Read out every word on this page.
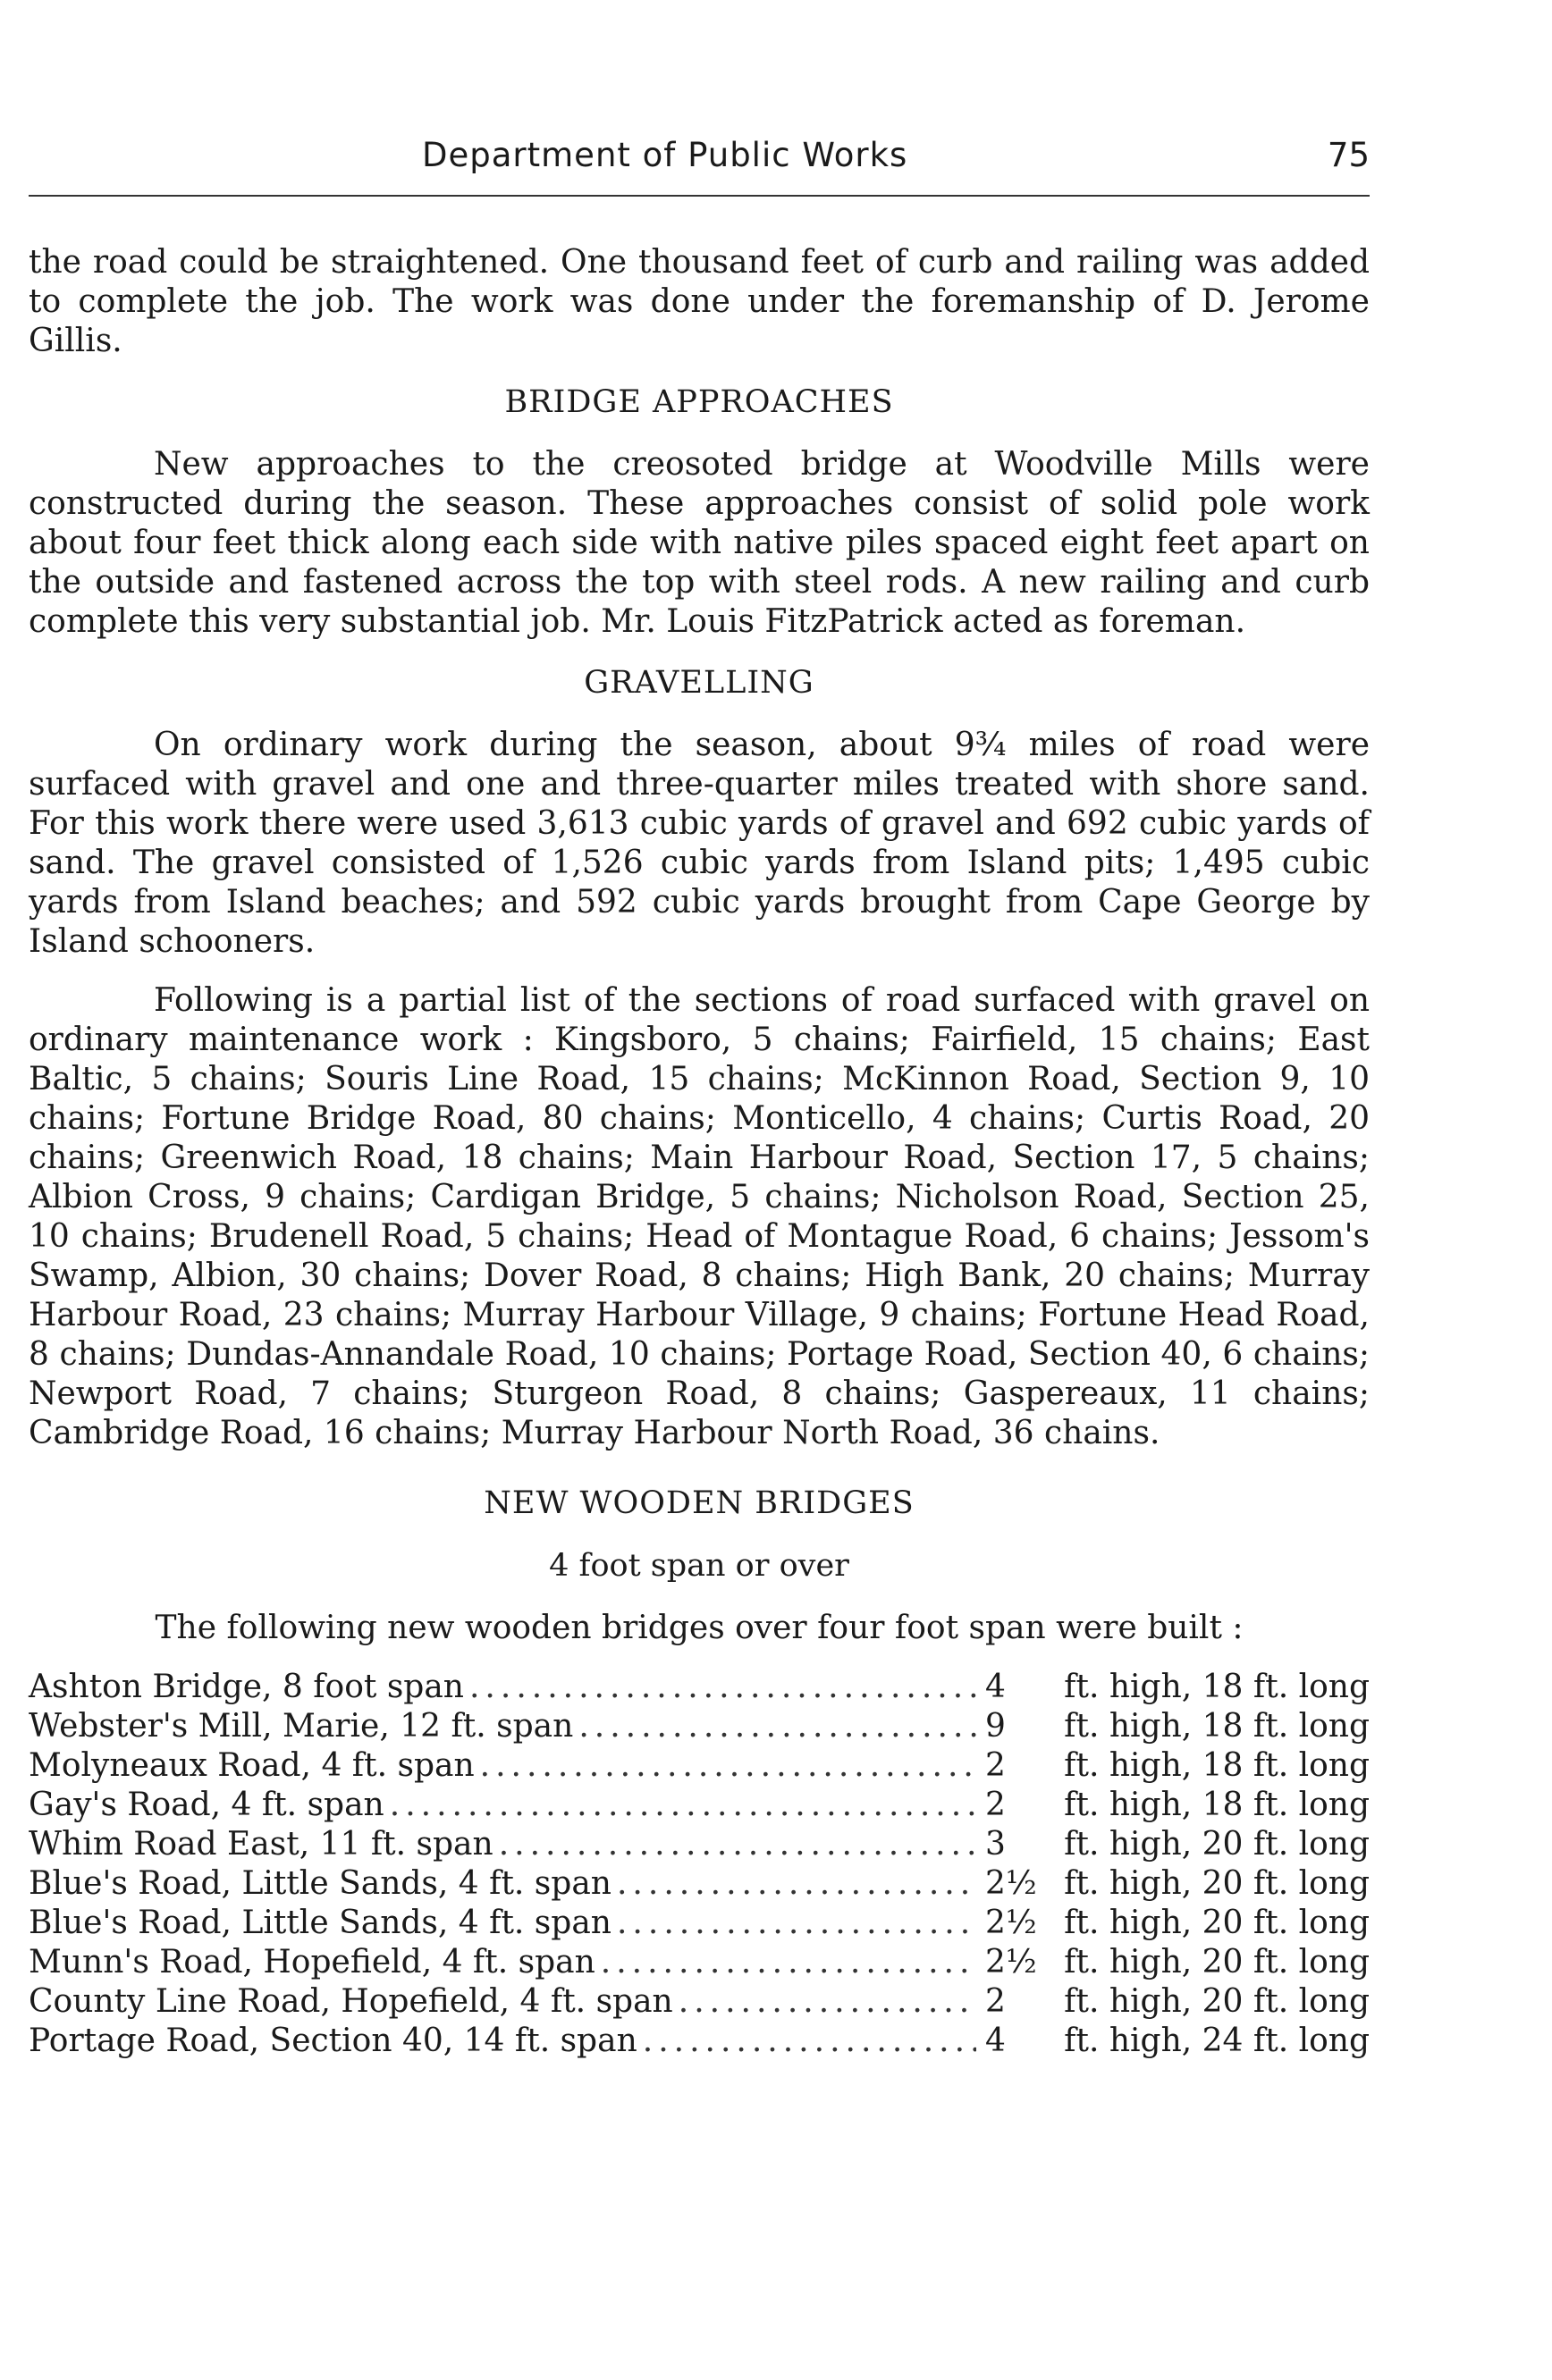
Department of Public Works	75

the road could be straightened. One thousand feet of curb and railing was added to complete the job. The work was done under the foremanship of D. Jerome Gillis.

BRIDGE APPROACHES

New approaches to the creosoted bridge at Woodville Mills were constructed during the season. These approaches consist of solid pole work about four feet thick along each side with native piles spaced eight feet apart on the outside and fastened across the top with steel rods. A new railing and curb complete this very substantial job. Mr. Louis FitzPatrick acted as foreman.

GRAVELLING

On ordinary work during the season, about 9¾ miles of road were surfaced with gravel and one and three-quarter miles treated with shore sand. For this work there were used 3,613 cubic yards of gravel and 692 cubic yards of sand. The gravel consisted of 1,526 cubic yards from Island pits; 1,495 cubic yards from Island beaches; and 592 cubic yards brought from Cape George by Island schooners.

Following is a partial list of the sections of road surfaced with gravel on ordinary maintenance work : Kingsboro, 5 chains; Fairfield, 15 chains; East Baltic, 5 chains; Souris Line Road, 15 chains; McKinnon Road, Section 9, 10 chains; Fortune Bridge Road, 80 chains; Monticello, 4 chains; Curtis Road, 20 chains; Greenwich Road, 18 chains; Main Harbour Road, Section 17, 5 chains; Albion Cross, 9 chains; Cardigan Bridge, 5 chains; Nicholson Road, Section 25, 10 chains; Brudenell Road, 5 chains; Head of Montague Road, 6 chains; Jessom's Swamp, Albion, 30 chains; Dover Road, 8 chains; High Bank, 20 chains; Murray Harbour Road, 23 chains; Murray Harbour Village, 9 chains; Fortune Head Road, 8 chains; Dundas-Annandale Road, 10 chains; Portage Road, Section 40, 6 chains; Newport Road, 7 chains; Sturgeon Road, 8 chains; Gaspereaux, 11 chains; Cambridge Road, 16 chains; Murray Harbour North Road, 36 chains.

NEW WOODEN BRIDGES
4 foot span or over
The following new wooden bridges over four foot span were built :
Ashton Bridge, 8 foot span .....	4	ft. high, 18 ft. long
Webster's Mill, Marie, 12 ft. span .....	9	ft. high, 18 ft. long
Molyneaux Road, 4 ft. span .....	2	ft. high, 18 ft. long
Gay's Road, 4 ft. span .....	2	ft. high, 18 ft. long
Whim Road East, 11 ft. span .....	3	ft. high, 20 ft. long
Blue's Road, Little Sands, 4 ft. span .....	2½ ft. high, 20 ft. long
Blue's Road, Little Sands, 4 ft. span .....	2½ ft. high, 20 ft. long
Munn's Road, Hopefield, 4 ft. span .....	2½ ft. high, 20 ft. long
County Line Road, Hopefield, 4 ft. span .....	2	ft. high, 20 ft. long
Portage Road, Section 40, 14 ft. span .....	4	ft. high, 24 ft. long
